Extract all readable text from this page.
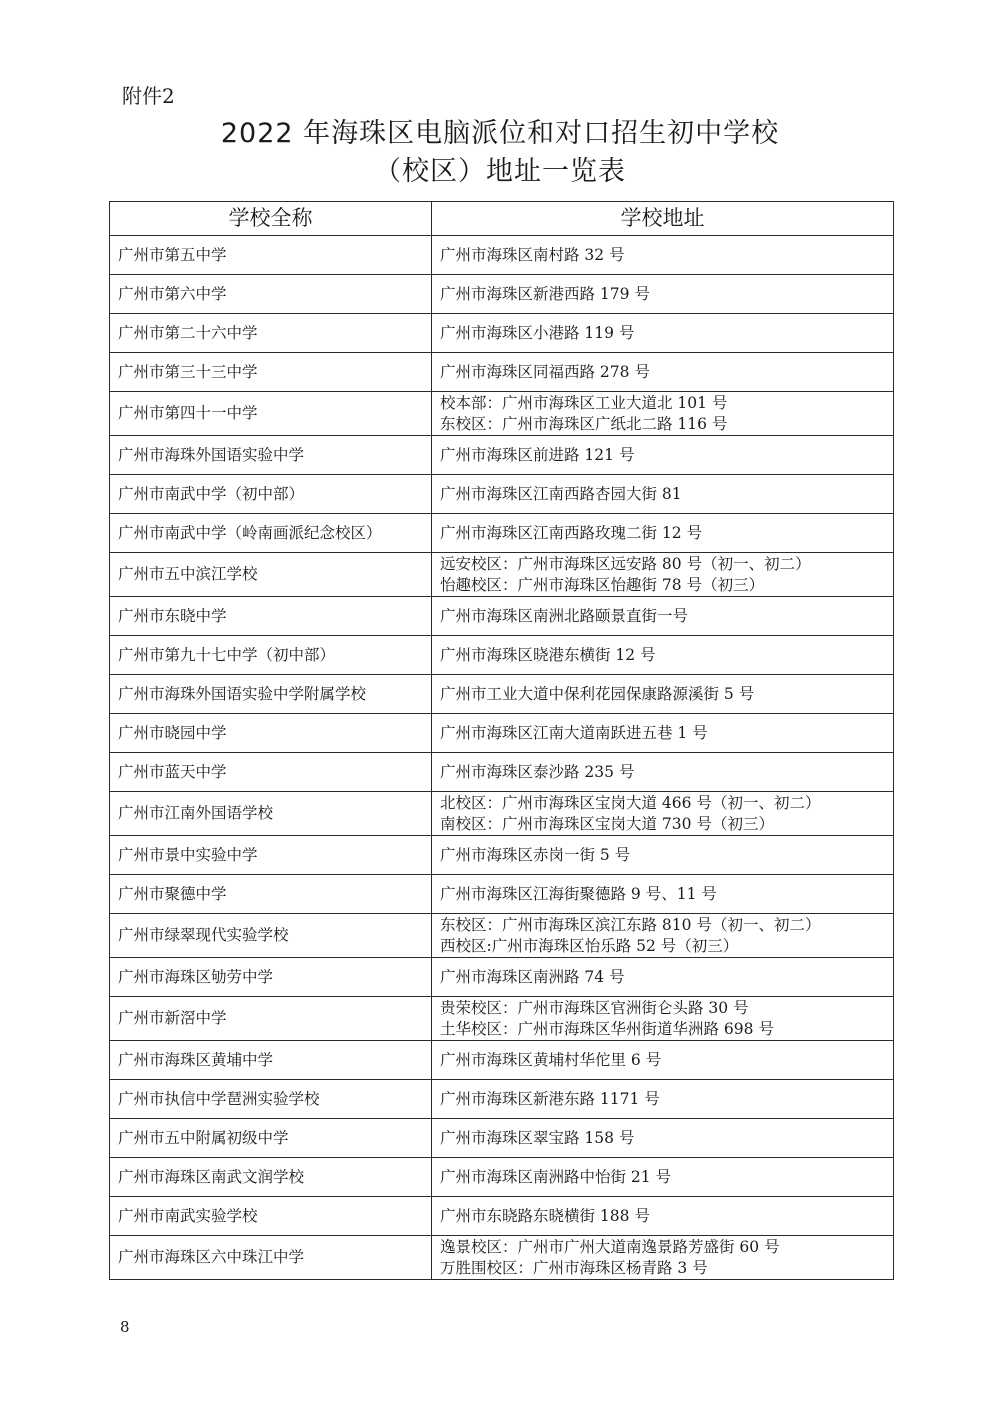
附件2
2022 年海珠区电脑派位和对口招生初中学校
（校区）地址一览表
学校全称	学校地址
广州市第五中学	广州市海珠区南村路 32 号

广州市第六中学	广州市海珠区新港西路 179 号

广州市第二十六中学	广州市海珠区小港路 119 号

广州市第三十三中学	广州市海珠区同福西路 278 号

广州市第四十一中学	校本部：广州市海珠区工业大道北 101 号
东校区：广州市海珠区广纸北二路 116 号

广州市海珠外国语实验中学	广州市海珠区前进路 121 号

广州市南武中学（初中部）	广州市海珠区江南西路杏园大街 81

广州市南武中学（岭南画派纪念校区）	广州市海珠区江南西路玫瑰二街 12 号

广州市五中滨江学校	远安校区：广州市海珠区远安路 80 号（初一、初二）
怡趣校区：广州市海珠区怡趣街 78 号（初三）

广州市东晓中学	广州市海珠区南洲北路颐景直街一号

广州市第九十七中学（初中部）	广州市海珠区晓港东横街 12 号

广州市海珠外国语实验中学附属学校	广州市工业大道中保利花园保康路源溪街 5 号

广州市晓园中学	广州市海珠区江南大道南跃进五巷 1 号

广州市蓝天中学	广州市海珠区泰沙路 235 号

广州市江南外国语学校	北校区：广州市海珠区宝岗大道 466 号（初一、初二）
南校区：广州市海珠区宝岗大道 730 号（初三）

广州市景中实验中学	广州市海珠区赤岗一街 5 号

广州市聚德中学	广州市海珠区江海街聚德路 9 号、11 号

广州市绿翠现代实验学校	东校区：广州市海珠区滨江东路 810 号（初一、初二）
西校区:广州市海珠区怡乐路 52 号（初三）

广州市海珠区劬劳中学	广州市海珠区南洲路 74 号

广州市新滘中学	贵荣校区：广州市海珠区官洲街仑头路 30 号
土华校区：广州市海珠区华州街道华洲路 698 号

广州市海珠区黄埔中学	广州市海珠区黄埔村华佗里 6 号

广州市执信中学琶洲实验学校	广州市海珠区新港东路 1171 号

广州市五中附属初级中学	广州市海珠区翠宝路 158 号

广州市海珠区南武文润学校	广州市海珠区南洲路中怡街 21 号

广州市南武实验学校	广州市东晓路东晓横街 188 号

广州市海珠区六中珠江中学	逸景校区：广州市广州大道南逸景路芳盛街 60 号
万胜围校区：广州市海珠区杨青路 3 号
8
